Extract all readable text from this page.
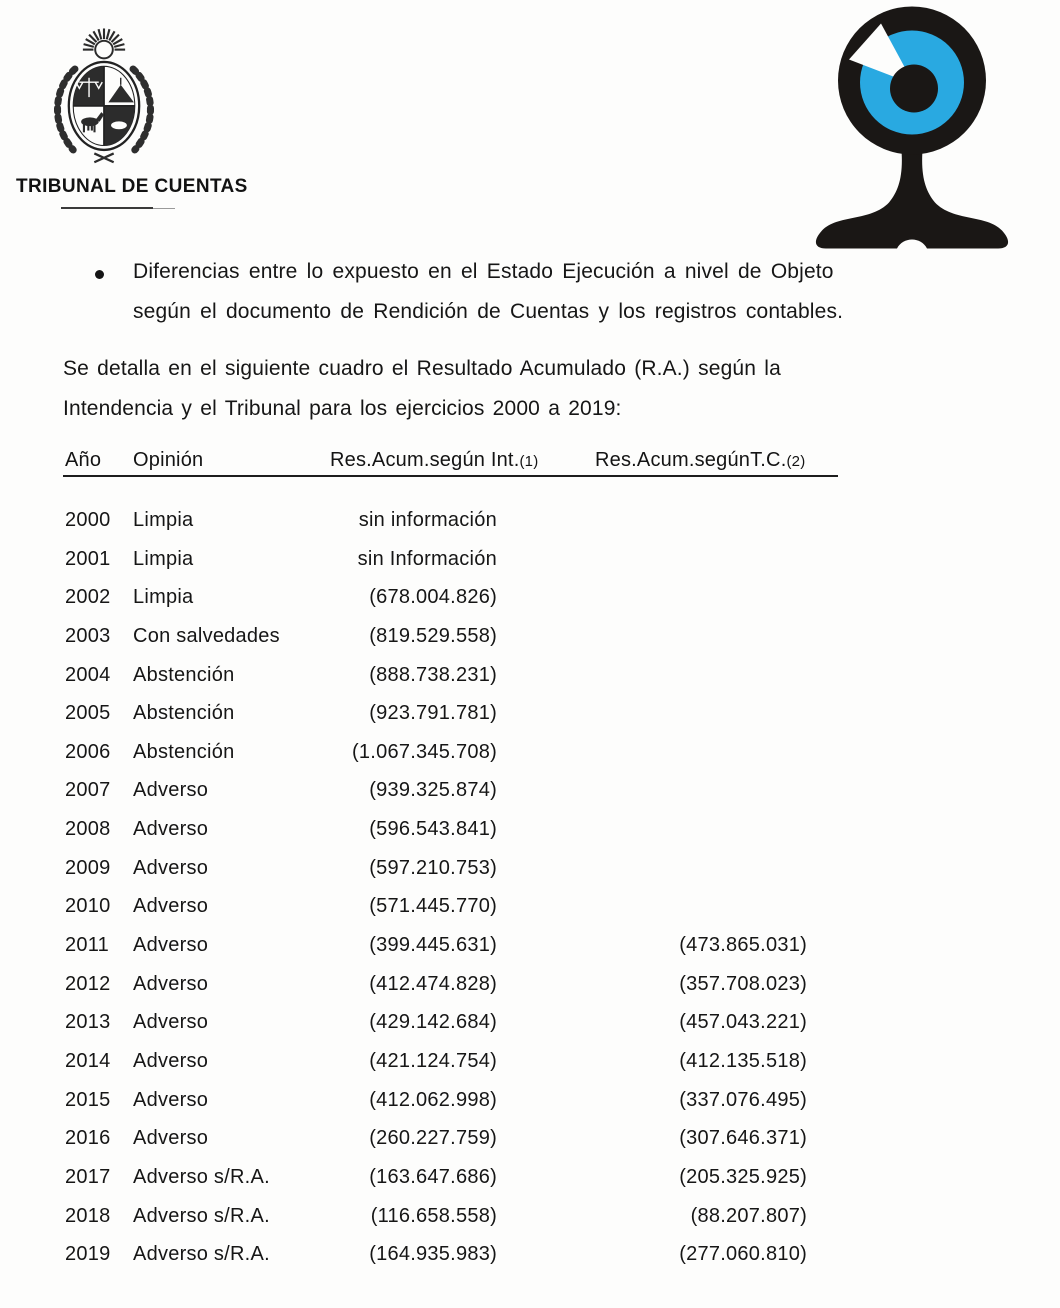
TRIBUNAL DE CUENTAS
Diferencias entre lo expuesto en el Estado Ejecución a nivel de Objeto
según el documento de Rendición de Cuentas y los registros contables.
Se detalla en el siguiente cuadro el Resultado Acumulado (R.A.) según la
Intendencia y el Tribunal para los ejercicios 2000 a 2019:
Año Opinión	Res.Acum.según Int.(1)	Res.Acum.segúnT.C.(2)
2000	Limpia	sin información
2001	Limpia	sin Información
2002	Limpia	(678.004.826)
2003	Con salvedades	(819.529.558)
2004	Abstención	(888.738.231)
2005	Abstención	(923.791.781)
2006	Abstención	(1.067.345.708)
2007	Adverso	(939.325.874)
2008	Adverso	(596.543.841)
2009	Adverso	(597.210.753)
2010	Adverso	(571.445.770)
2011	Adverso	(399.445.631)	(473.865.031)
2012	Adverso	(412.474.828)	(357.708.023)
2013	Adverso	(429.142.684)	(457.043.221)
2014	Adverso	(421.124.754)	(412.135.518)
2015	Adverso	(412.062.998)	(337.076.495)
2016	Adverso	(260.227.759)	(307.646.371)
2017	Adverso s/R.A.	(163.647.686)	(205.325.925)
2018	Adverso s/R.A.	(116.658.558)	(88.207.807)
2019	Adverso s/R.A.	(164.935.983)	(277.060.810)
